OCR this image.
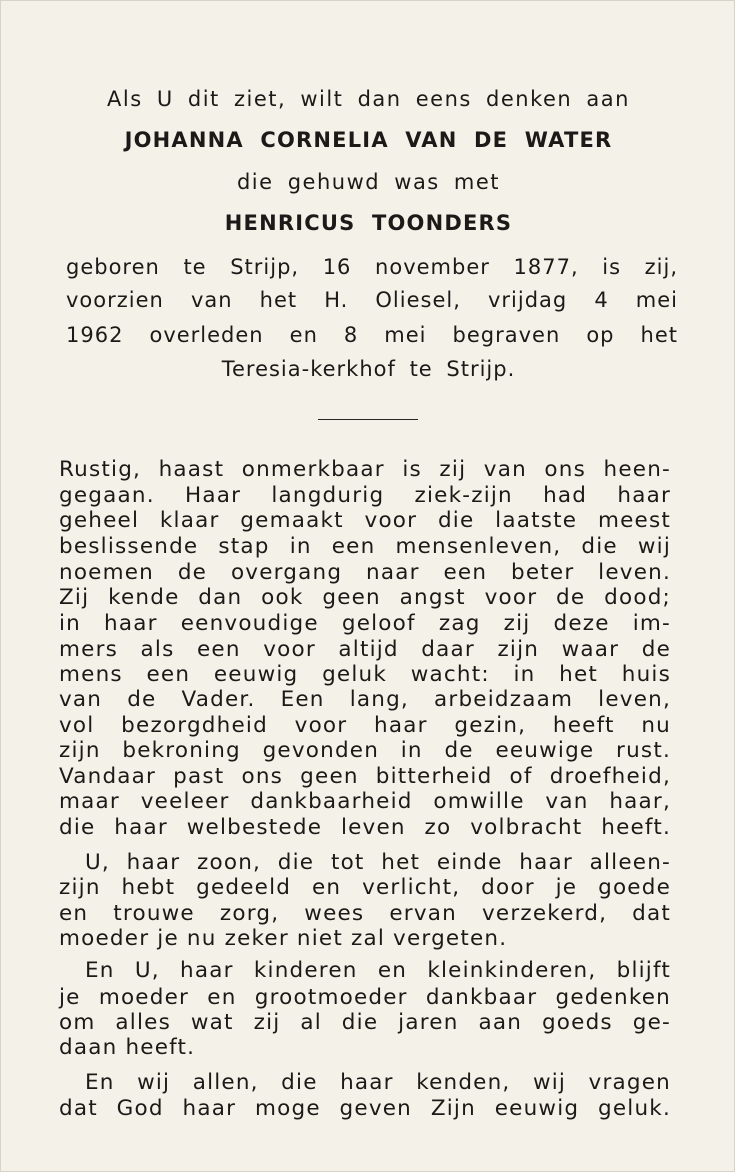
Als U dit ziet, wilt dan eens denken aan
JOHANNA CORNELIA VAN DE WATER
die gehuwd was met
HENRICUS TOONDERS
geboren te Strijp, 16 november 1877, is zij,
voorzien van het H. Oliesel, vrijdag 4 mei
1962 overleden en 8 mei begraven op het
Teresia-kerkhof te Strijp.
Rustig, haast onmerkbaar is zij van ons heen-
gegaan. Haar langdurig ziek-zijn had haar
geheel klaar gemaakt voor die laatste meest
beslissende stap in een mensenleven, die wij
noemen de overgang naar een beter leven.
Zij kende dan ook geen angst voor de dood;
in haar eenvoudige geloof zag zij deze im-
mers als een voor altijd daar zijn waar de
mens een eeuwig geluk wacht: in het huis
van de Vader. Een lang, arbeidzaam leven,
vol bezorgdheid voor haar gezin, heeft nu
zijn bekroning gevonden in de eeuwige rust.
Vandaar past ons geen bitterheid of droefheid,
maar veeleer dankbaarheid omwille van haar,
die haar welbestede leven zo volbracht heeft.
U, haar zoon, die tot het einde haar alleen-
zijn hebt gedeeld en verlicht, door je goede
en trouwe zorg, wees ervan verzekerd, dat
moeder je nu zeker niet zal vergeten.
En U, haar kinderen en kleinkinderen, blijft
je moeder en grootmoeder dankbaar gedenken
om alles wat zij al die jaren aan goeds ge-
daan heeft.
En wij allen, die haar kenden, wij vragen
dat God haar moge geven Zijn eeuwig geluk.
